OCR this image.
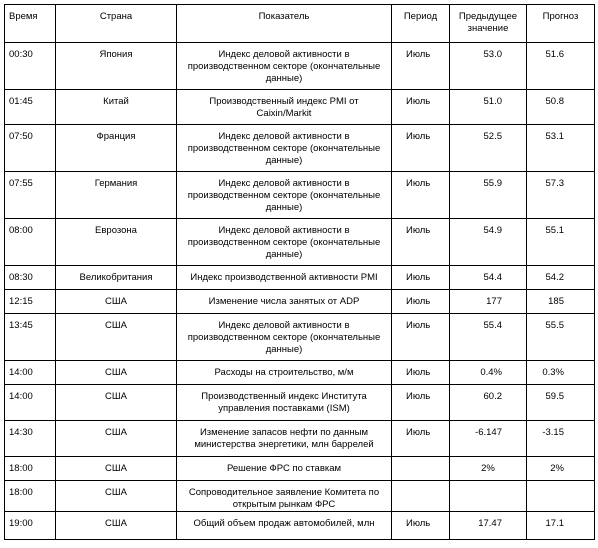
Время	Страна	Показатель	Период	Предыдущее значение	Прогноз
00:30	Япония	Индекс деловой активности в производственном секторе (окончательные данные)	Июль	53.0	51.6
01:45	Китай	Производственный индекс PMI от Caixin/Markit	Июль	51.0	50.8
07:50	Франция	Индекс деловой активности в производственном секторе (окончательные данные)	Июль	52.5	53.1
07:55	Германия	Индекс деловой активности в производственном секторе (окончательные данные)	Июль	55.9	57.3
08:00	Еврозона	Индекс деловой активности в производственном секторе (окончательные данные)	Июль	54.9	55.1
08:30	Великобритания	Индекс производственной активности PMI	Июль	54.4	54.2
12:15	США	Изменение числа занятых от ADP	Июль	177	185
13:45	США	Индекс деловой активности в производственном секторе (окончательные данные)	Июль	55.4	55.5
14:00	США	Расходы на строительство, м/м	Июль	0.4%	0.3%
14:00	США	Производственный индекс Института управления поставками (ISM)	Июль	60.2	59.5
14:30	США	Изменение запасов нефти по данным министерства энергетики, млн баррелей	Июль	-6.147	-3.15
18:00	США	Решение ФРС по ставкам		2%	2%
18:00	США	Сопроводительное заявление Комитета по открытым рынкам ФРС			

19:00	США	Общий объем продаж автомобилей, млн	Июль	17.47	17.1
